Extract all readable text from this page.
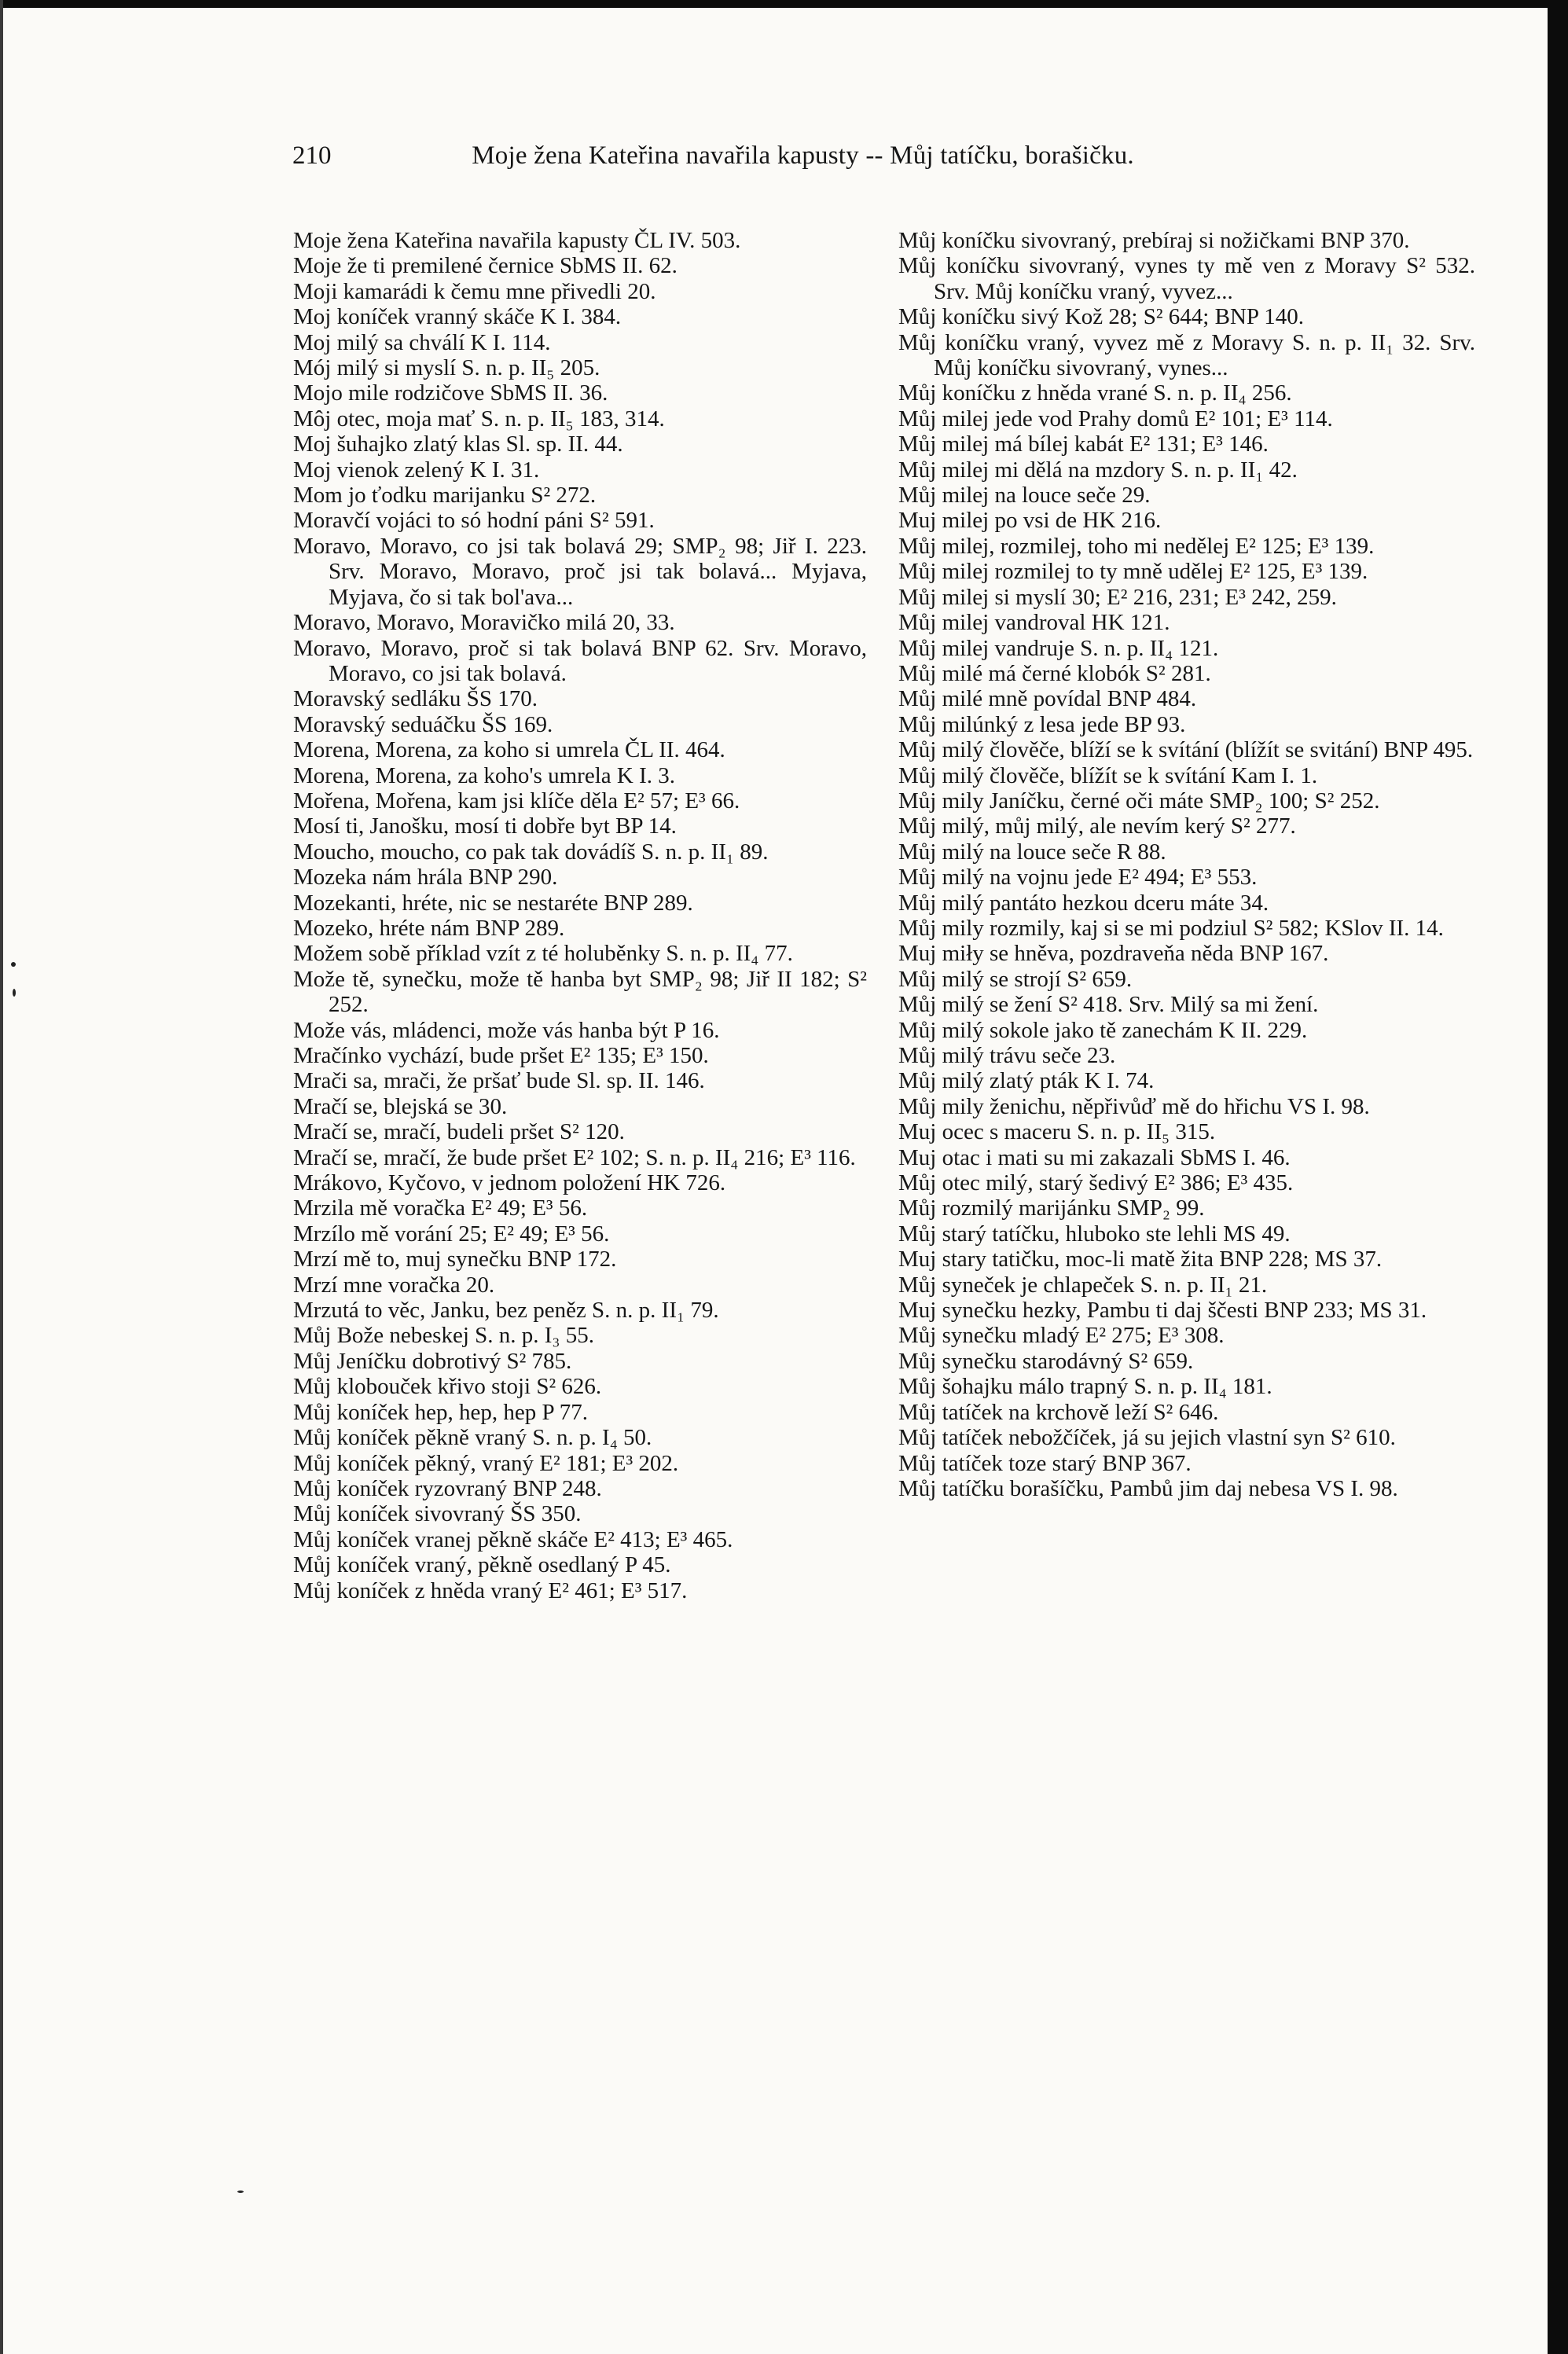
210	Moje žena Kateřina navařila kapusty -- Můj tatíčku, borašičku.

Moje žena Kateřina navařila kapusty ČL IV. 503.

Moje že ti premilené černice SbMS II. 62.

Moji kamarádi k čemu mne přivedli 20.

Moj koníček vranný skáče K I. 384.

Moj milý sa chválí K I. 114.

Mój milý si myslí S. n. p. II₅ 205.

Mojo mile rodzičove SbMS II. 36.

Môj otec, moja mať S. n. p. II₅ 183, 314.

Moj šuhajko zlatý klas Sl. sp. II. 44.

Moj vienok zelený K I. 31.

Mom jo ťodku marijanku S² 272.

Moravčí vojáci to só hodní páni S² 591.

Moravo, Moravo, co jsi tak bolavá 29; SMP₂ 98; Jiř I. 223. Srv. Moravo, Moravo, proč jsi tak bolavá... Myjava, Myjava, čo si tak bol'ava...

Moravo, Moravo, Moravičko milá 20, 33.

Moravo, Moravo, proč si tak bolavá BNP 62. Srv. Moravo, Moravo, co jsi tak bolavá.

Moravský sedláku ŠS 170.

Moravský seduáčku ŠS 169.

Morena, Morena, za koho si umrela ČL II. 464.

Morena, Morena, za koho's umrela K I. 3.

Mořena, Mořena, kam jsi klíče děla E² 57; E³ 66.

Mosí ti, Janošku, mosí ti dobře byt BP 14.

Moucho, moucho, co pak tak dovádíš S. n. p. II₁ 89.

Mozeka nám hrála BNP 290.

Mozekanti, hréte, nic se nestaréte BNP 289.

Mozeko, hréte nám BNP 289.

Možem sobě příklad vzít z té holuběnky S. n. p. II₄ 77.

Može tě, synečku, može tě hanba byt SMP₂ 98; Jiř II 182; S² 252.

Može vás, mládenci, može vás hanba být P 16.

Mračínko vychází, bude pršet E² 135; E³ 150.

Mrači sa, mrači, že pršať bude Sl. sp. II. 146.

Mračí se, blejská se 30.

Mračí se, mračí, budeli pršet S² 120.

Mračí se, mračí, že bude pršet E² 102; S. n. p. II₄ 216; E³ 116.

Mrákovo, Kyčovo, v jednom položení HK 726.

Mrzila mě voračka E² 49; E³ 56.

Mrzílo mě vorání 25; E² 49; E³ 56.

Mrzí mě to, muj synečku BNP 172.

Mrzí mne voračka 20.

Mrzutá to věc, Janku, bez peněz S. n. p. II₁ 79.

Můj Bože nebeskej S. n. p. I₃ 55.

Můj Jeníčku dobrotivý S² 785.

Můj klobouček křivo stoji S² 626.

Můj koníček hep, hep, hep P 77.

Můj koníček pěkně vraný S. n. p. I₄ 50.

Můj koníček pěkný, vraný E² 181; E³ 202.

Můj koníček ryzovraný BNP 248.

Můj koníček sivovraný ŠS 350.

Můj koníček vranej pěkně skáče E² 413; E³ 465.

Můj koníček vraný, pěkně osedlaný P 45.

Můj koníček z hněda vraný E² 461; E³ 517.

Můj koníčku sivovraný, prebíraj si nožičkami BNP 370.

Můj koníčku sivovraný, vynes ty mě ven z Moravy S² 532. Srv. Můj koníčku vraný, vyvez...

Můj koníčku sivý Kož 28; S² 644; BNP 140.

Můj koníčku vraný, vyvez mě z Moravy S. n. p. II₁ 32. Srv. Můj koníčku sivovraný, vynes...

Můj koníčku z hněda vrané S. n. p. II₄ 256.

Můj milej jede vod Prahy domů E² 101; E³ 114.

Můj milej má bílej kabát E² 131; E³ 146.

Můj milej mi dělá na mzdory S. n. p. II₁ 42.

Můj milej na louce seče 29.

Muj milej po vsi de HK 216.

Můj milej, rozmilej, toho mi nedělej E² 125; E³ 139.

Můj milej rozmilej to ty mně udělej E² 125, E³ 139.

Můj milej si myslí 30; E² 216, 231; E³ 242, 259.

Můj milej vandroval HK 121.

Můj milej vandruje S. n. p. II₄ 121.

Můj milé má černé klobók S² 281.

Můj milé mně povídal BNP 484.

Můj milúnký z lesa jede BP 93.

Můj milý člověče, blíží se k svítání (blížít se svitání) BNP 495.

Můj milý člověče, blížít se k svítání Kam I. 1.

Můj mily Janíčku, černé oči máte SMP₂ 100; S² 252.

Můj milý, můj milý, ale nevím kerý S² 277.

Můj milý na louce seče R 88.

Můj milý na vojnu jede E² 494; E³ 553.

Můj milý pantáto hezkou dceru máte 34.

Můj mily rozmily, kaj si se mi podziul S² 582; KSlov II. 14.

Muj miły se hněva, pozdraveňa něda BNP 167.

Můj milý se strojí S² 659.

Můj milý se žení S² 418. Srv. Milý sa mi žení.

Můj milý sokole jako tě zanechám K II. 229.

Můj milý trávu seče 23.

Můj milý zlatý pták K I. 74.

Můj mily ženichu, něpřivůď mě do hřichu VS I. 98.

Muj ocec s maceru S. n. p. II₅ 315.

Muj otac i mati su mi zakazali SbMS I. 46.

Můj otec milý, starý šedivý E² 386; E³ 435.

Můj rozmilý marijánku SMP₂ 99.

Můj starý tatíčku, hluboko ste lehli MS 49.

Muj stary tatičku, moc-li matě žita BNP 228; MS 37.

Můj syneček je chlapeček S. n. p. II₁ 21.

Muj synečku hezky, Pambu ti daj ščesti BNP 233; MS 31.

Můj synečku mladý E² 275; E³ 308.

Můj synečku starodávný S² 659.

Můj šohajku málo trapný S. n. p. II₄ 181.

Můj tatíček na krchově leží S² 646.

Můj tatíček nebožčíček, já su jejich vlastní syn S² 610.

Můj tatíček toze starý BNP 367.

Můj tatíčku borašíčku, Pambů jim daj nebesa VS I. 98.
